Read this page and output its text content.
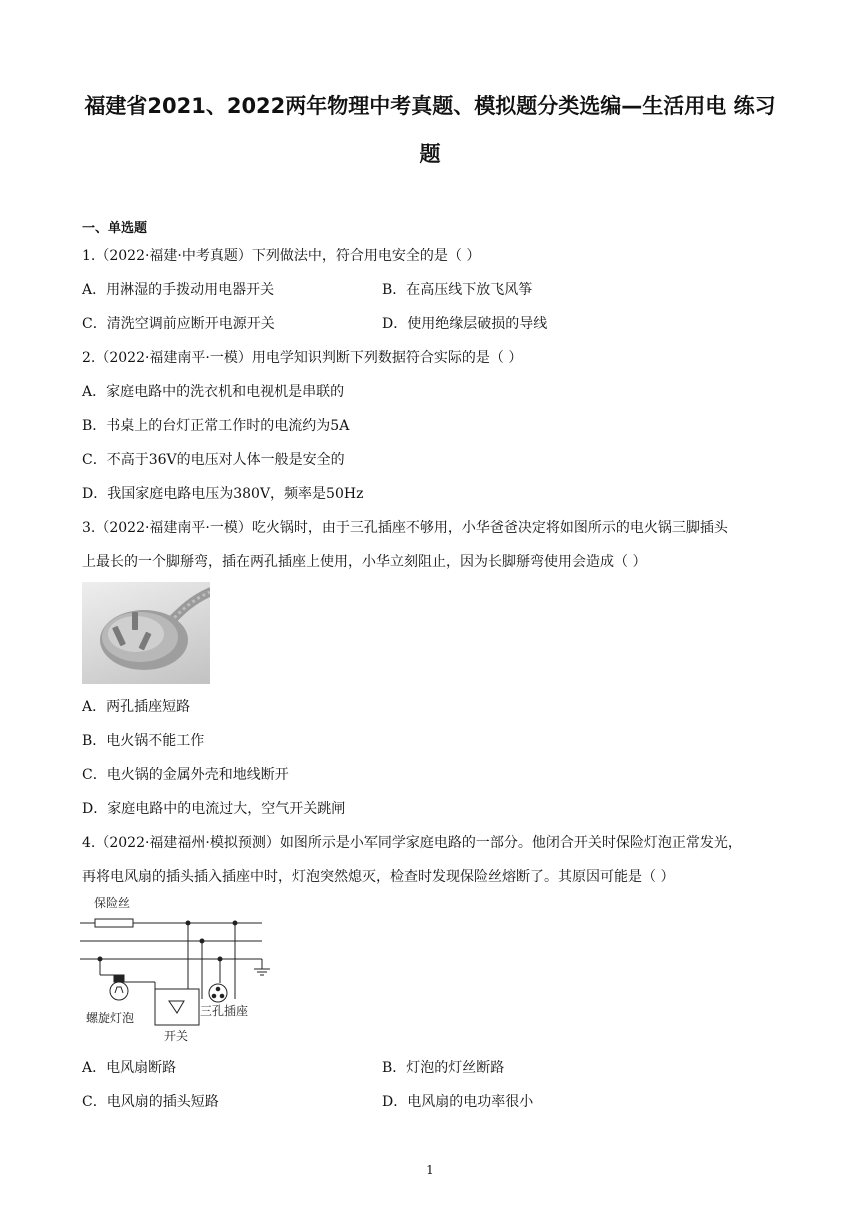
福建省2021、2022两年物理中考真题、模拟题分类选编—生活用电 练习
题
一、单选题
1.（2022·福建·中考真题）下列做法中，符合用电安全的是（ ）
A．用淋湿的手拨动用电器开关	B．在高压线下放飞风筝
C．清洗空调前应断开电源开关	D．使用绝缘层破损的导线
2.（2022·福建南平·一模）用电学知识判断下列数据符合实际的是（ ）
A．家庭电路中的洗衣机和电视机是串联的
B．书桌上的台灯正常工作时的电流约为5A
C．不高于36V的电压对人体一般是安全的
D．我国家庭电路电压为380V，频率是50Hz
3.（2022·福建南平·一模）吃火锅时，由于三孔插座不够用，小华爸爸决定将如图所示的电火锅三脚插头
上最长的一个脚掰弯，插在两孔插座上使用，小华立刻阻止，因为长脚掰弯使用会造成（ ）
A．两孔插座短路
B．电火锅不能工作
C．电火锅的金属外壳和地线断开
D．家庭电路中的电流过大，空气开关跳闸
4.（2022·福建福州·模拟预测）如图所示是小军同学家庭电路的一部分。他闭合开关时保险灯泡正常发光，
再将电风扇的插头插入插座中时，灯泡突然熄灭，检查时发现保险丝熔断了。其原因可能是（ ）
保险丝
螺旋灯泡	三孔插座
开关
A．电风扇断路	B．灯泡的灯丝断路
C．电风扇的插头短路	D．电风扇的电功率很小
1
